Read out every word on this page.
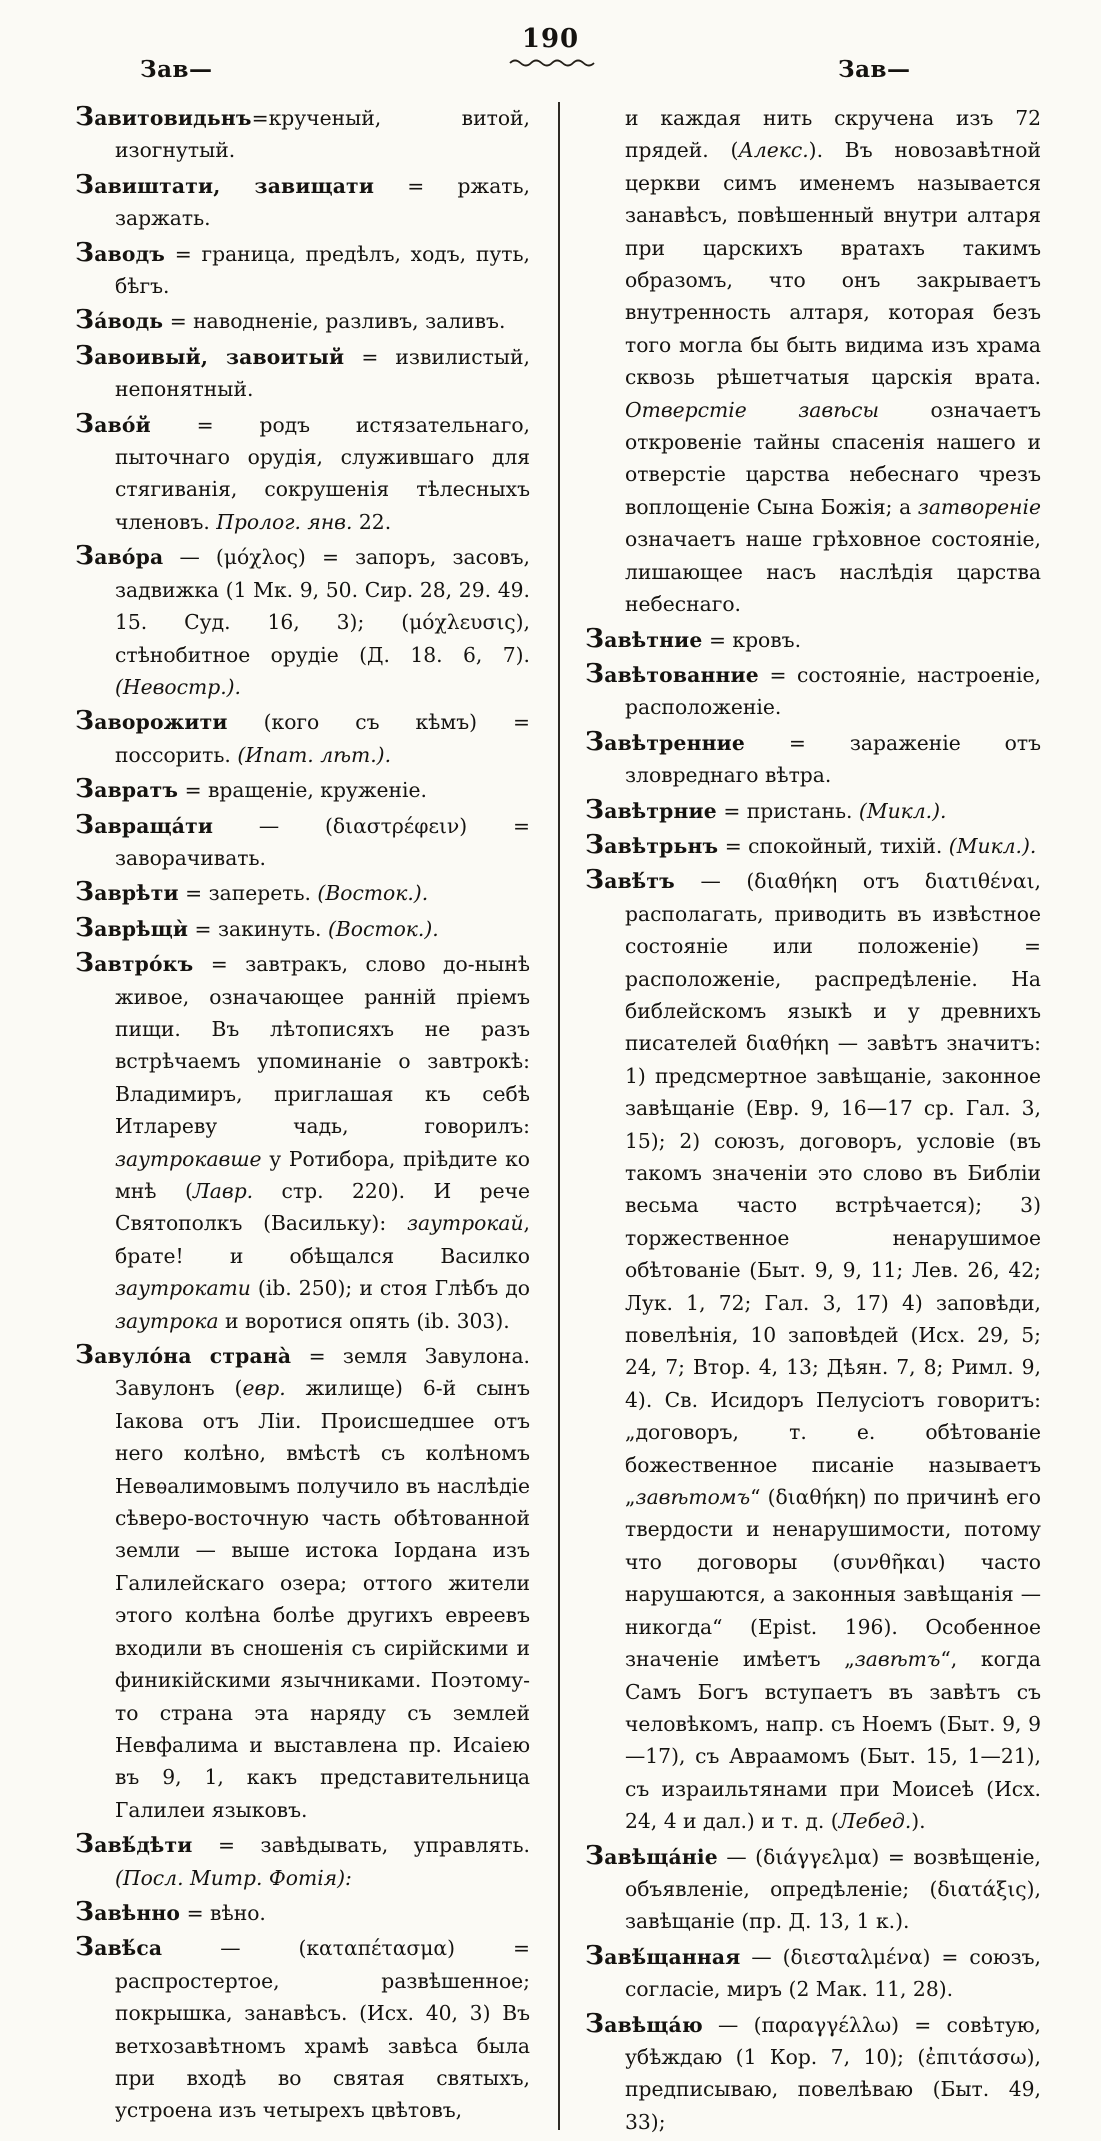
190
Зав—	Зав—

Завитовидьнъ=крученый, витой, изогнутый.

Завиштати, завищати = ржать, заржать.

Заводъ = граница, предѣлъ, ходъ, путь, бѣгъ.

За́водь = наводненіе, разливъ, заливъ.

Завоивый, завоитый = извилистый, непонятный.

Заво́й = родъ истязательнаго, пыточнаго орудія, служившаго для стягиванія, сокрушенія тѣлесныхъ членовъ. Пролог. янв. 22.

Заво́ра — (μόχλος) = запоръ, засовъ, задвижка (1 Мк. 9, 50. Сир. 28, 29. 49. 15. Суд. 16, 3); (μόχλευσις), стѣнобитное орудіе (Д. 18. 6, 7). (Невостр.).

Заворожити (кого съ кѣмъ) = поссорить. (Ипат. лѣт.).

Завратъ = вращеніе, круженіе.

Завраща́ти — (διαστρέφειν) = заворачивать.

Заврѣти = запереть. (Восток.).

Заврѣщѝ = закинуть. (Восток.).

Завтро́къ = завтракъ, слово до-нынѣ живое, означающее ранній пріемъ пищи. Въ лѣтописяхъ не разъ встрѣчаемъ упоминаніе о завтрокѣ: Владимиръ, приглашая къ себѣ Итлареву чадь, говорилъ: заутрокавше у Ротибора, пріѣдите ко мнѣ (Лавр. стр. 220). И рече Святополкъ (Васильку): заутрокай, брате! и обѣщался Василко заутрокати (ib. 250); и стоя Глѣбъ до заутрока и воротися опять (ib. 303).

Завуло́на страна̀ = земля Завулона. Завулонъ (евр. жилище) 6-й сынъ Іакова отъ Ліи. Происшедшее отъ него колѣно, вмѣстѣ съ колѣномъ Невѳалимовымъ получило въ наслѣдіе сѣверо-восточную часть обѣтованной земли — выше истока Іордана изъ Галилейскаго озера; оттого жители этого колѣна болѣе другихъ евреевъ входили въ сношенія съ сирійскими и финикійскими язычниками. Поэтому-то страна эта наряду съ землей Невфалима и выставлена пр. Исаіею въ 9, 1, какъ представительница Галилеи языковъ.

Завѣ́дѣти = завѣдывать, управлять. (Посл. Митр. Фотія):

Завѣнно = вѣно.

Завѣ́са — (καταπέτασμα) = распростертое, развѣшенное; покрышка, занавѣсъ. (Исх. 40, 3) Въ ветхозавѣтномъ храмѣ завѣса была при входѣ во святая святыхъ, устроена изъ четырехъ цвѣтовъ,

и каждая нить скручена изъ 72 прядей. (Алекс.). Въ новозавѣтной церкви симъ именемъ называется занавѣсъ, повѣшенный внутри алтаря при царскихъ вратахъ такимъ образомъ, что онъ закрываетъ внутренность алтаря, которая безъ того могла бы быть видима изъ храма сквозь рѣшетчатыя царскія врата. Отверстіе завѣсы означаетъ откровеніе тайны спасенія нашего и отверстіе царства небеснаго чрезъ воплощеніе Сына Божія; а затвореніе означаетъ наше грѣховное состояніе, лишающее насъ наслѣдія царства небеснаго.

Завѣтние = кровъ.

Завѣтованние = состояніе, настроеніе, расположеніе.

Завѣтренние = зараженіе отъ зловреднаго вѣтра.

Завѣтрние = пристань. (Микл.).

Завѣтрьнъ = спокойный, тихій. (Микл.).

Завѣ́тъ — (διαθήκη отъ διατιθέναι, располагать, приводить въ извѣстное состояніе или положеніе) = расположеніе, распредѣленіе. На библейскомъ языкѣ и у древнихъ писателей διαθήκη — завѣтъ значитъ: 1) предсмертное завѣщаніе, законное завѣщаніе (Евр. 9, 16—17 ср. Гал. 3, 15); 2) союзъ, договоръ, условіе (въ такомъ значеніи это слово въ Библіи весьма часто встрѣчается); 3) торжественное ненарушимое обѣтованіе (Быт. 9, 9, 11; Лев. 26, 42; Лук. 1, 72; Гал. 3, 17) 4) заповѣди, повелѣнія, 10 заповѣдей (Исх. 29, 5; 24, 7; Втор. 4, 13; Дѣян. 7, 8; Римл. 9, 4). Св. Исидоръ Пелусіотъ говоритъ: „договоръ, т. е. обѣтованіе божественное писаніе называетъ „завѣтомъ“ (διαθήκη) по причинѣ его твердости и ненарушимости, потому что договоры (συνθῆκαι) часто нарушаются, а законныя завѣщанія — никогда“ (Epist. 196). Особенное значеніе имѣетъ „завѣтъ“, когда Самъ Богъ вступаетъ въ завѣтъ съ человѣкомъ, напр. съ Ноемъ (Быт. 9, 9—17), съ Авраамомъ (Быт. 15, 1—21), съ израильтянами при Моисеѣ (Исх. 24, 4 и дал.) и т. д. (Лебед.).

Завѣща́ніе — (διάγγελμα) = возвѣщеніе, объявленіе, опредѣленіе; (διατάξις), завѣщаніе (пр. Д. 13, 1 к.).

Завѣ́щанная — (διεσταλμένα) = союзъ, согласіе, миръ (2 Мак. 11, 28).

Завѣща́ю — (παραγγέλλω) = совѣтую, убѣждаю (1 Кор. 7, 10); (ἐπιτάσσω), предписываю, повелѣваю (Быт. 49, 33);
